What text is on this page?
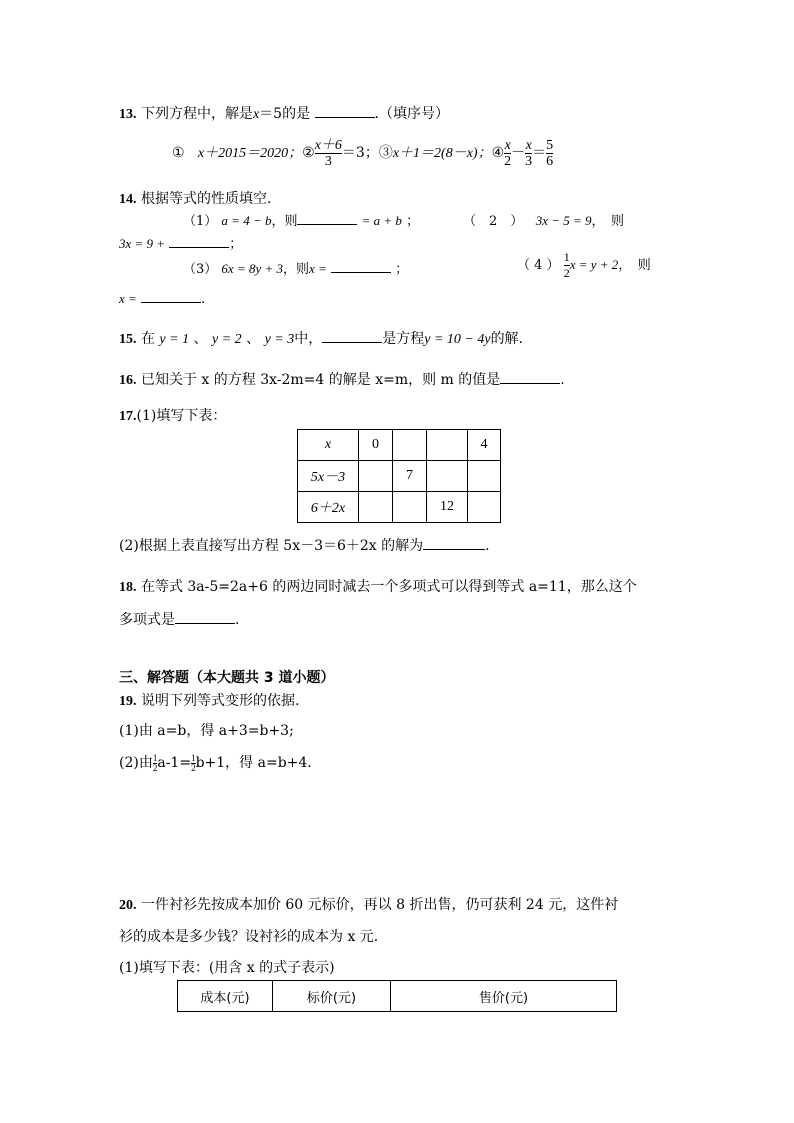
13. 下列方程中，解是x＝5的是	.（填序号）
① x＋2015＝2020；② $\frac{x+6}{3} =3$；③x＋1＝2(8－x)；④ $\frac{x}{2} - \frac{x}{3} = \frac{5}{6}$
14. 根据等式的性质填空.
（1） a = 4 − b，则	= a + b ；	（　2　） 3x − 5 = 9，　则
3x = 9 +	；
（3） 6x = 8y + 3，则x =	；	（ 4 ） $\frac{1}{2}$ x = y + 2，　则
x =	.
15. 在 y = 1 、 y = 2 、 y = 3中，	是方程y = 10 − 4y的解.
16. 已知关于 x 的方程 3x-2m=4 的解是 x=m，则 m 的值是	.
17.(1)填写下表：
x	0			4
5x－3		7		
6＋2x			12	
(2)根据上表直接写出方程 5x－3＝6＋2x 的解为	.
18. 在等式 3a-5=2a+6 的两边同时减去一个多项式可以得到等式 a=11，那么这个
多项式是	.
三、解答题（本大题共 3 道小题）
19. 说明下列等式变形的依据.
(1)由 a=b，得 a+3=b+3;
(2)由 $\frac{1}{2} a-1= \frac{1}{2} b+1$，得 a=b+4.
20. 一件衬衫先按成本加价 60 元标价，再以 8 折出售，仍可获利 24 元，这件衬
衫的成本是多少钱？设衬衫的成本为 x 元.
(1)填写下表：(用含 x 的式子表示)
成本(元)	标价(元)	售价(元)
